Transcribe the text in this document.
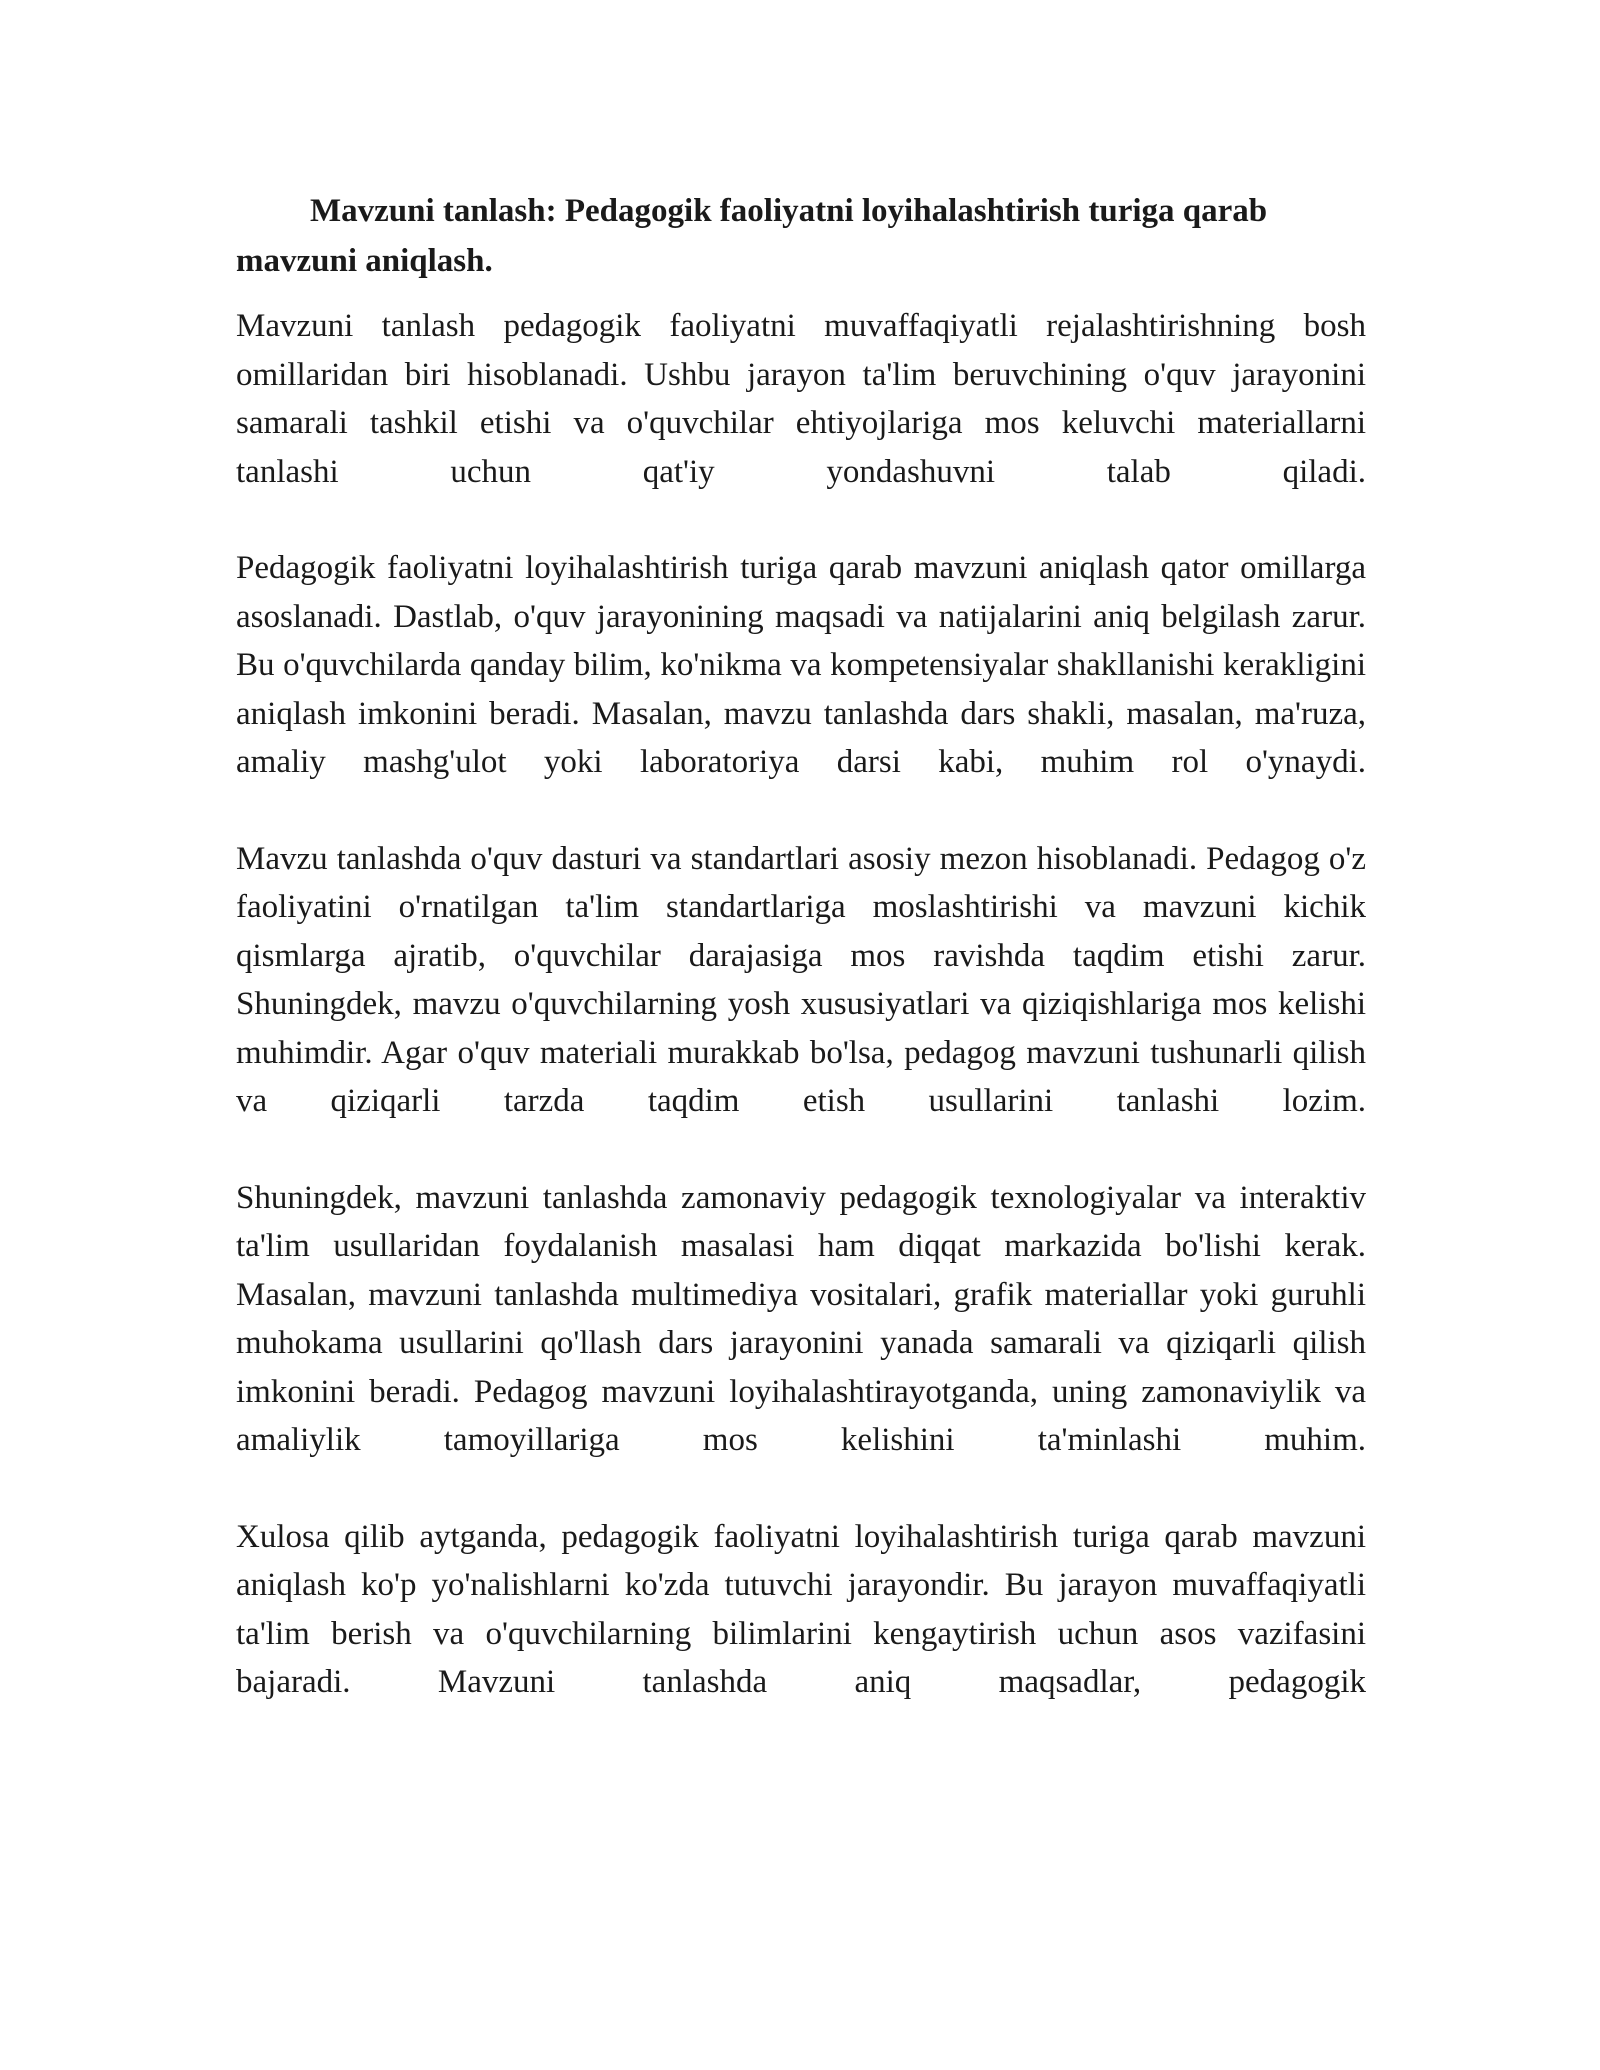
Mavzuni tanlash: Pedagogik faoliyatni loyihalashtirish turiga qarab mavzuni aniqlash.
Mavzuni tanlash pedagogik faoliyatni muvaffaqiyatli rejalashtirishning bosh omillaridan biri hisoblanadi. Ushbu jarayon ta'lim beruvchining o'quv jarayonini samarali tashkil etishi va o'quvchilar ehtiyojlariga mos keluvchi materiallarni tanlashi uchun qat'iy yondashuvni talab qiladi.
Pedagogik faoliyatni loyihalashtirish turiga qarab mavzuni aniqlash qator omillarga asoslanadi. Dastlab, o'quv jarayonining maqsadi va natijalarini aniq belgilash zarur. Bu o'quvchilarda qanday bilim, ko'nikma va kompetensiyalar shakllanishi kerakligini aniqlash imkonini beradi. Masalan, mavzu tanlashda dars shakli, masalan, ma'ruza, amaliy mashg'ulot yoki laboratoriya darsi kabi, muhim rol o'ynaydi.
Mavzu tanlashda o'quv dasturi va standartlari asosiy mezon hisoblanadi. Pedagog o'z faoliyatini o'rnatilgan ta'lim standartlariga moslashtirishi va mavzuni kichik qismlarga ajratib, o'quvchilar darajasiga mos ravishda taqdim etishi zarur. Shuningdek, mavzu o'quvchilarning yosh xususiyatlari va qiziqishlariga mos kelishi muhimdir. Agar o'quv materiali murakkab bo'lsa, pedagog mavzuni tushunarli qilish va qiziqarli tarzda taqdim etish usullarini tanlashi lozim.
Shuningdek, mavzuni tanlashda zamonaviy pedagogik texnologiyalar va interaktiv ta'lim usullaridan foydalanish masalasi ham diqqat markazida bo'lishi kerak. Masalan, mavzuni tanlashda multimediya vositalari, grafik materiallar yoki guruhli muhokama usullarini qo'llash dars jarayonini yanada samarali va qiziqarli qilish imkonini beradi. Pedagog mavzuni loyihalashtirayotganda, uning zamonaviylik va amaliylik tamoyillariga mos kelishini ta'minlashi muhim.
Xulosa qilib aytganda, pedagogik faoliyatni loyihalashtirish turiga qarab mavzuni aniqlash ko'p yo'nalishlarni ko'zda tutuvchi jarayondir. Bu jarayon muvaffaqiyatli ta'lim berish va o'quvchilarning bilimlarini kengaytirish uchun asos vazifasini bajaradi. Mavzuni tanlashda aniq maqsadlar, pedagogik
